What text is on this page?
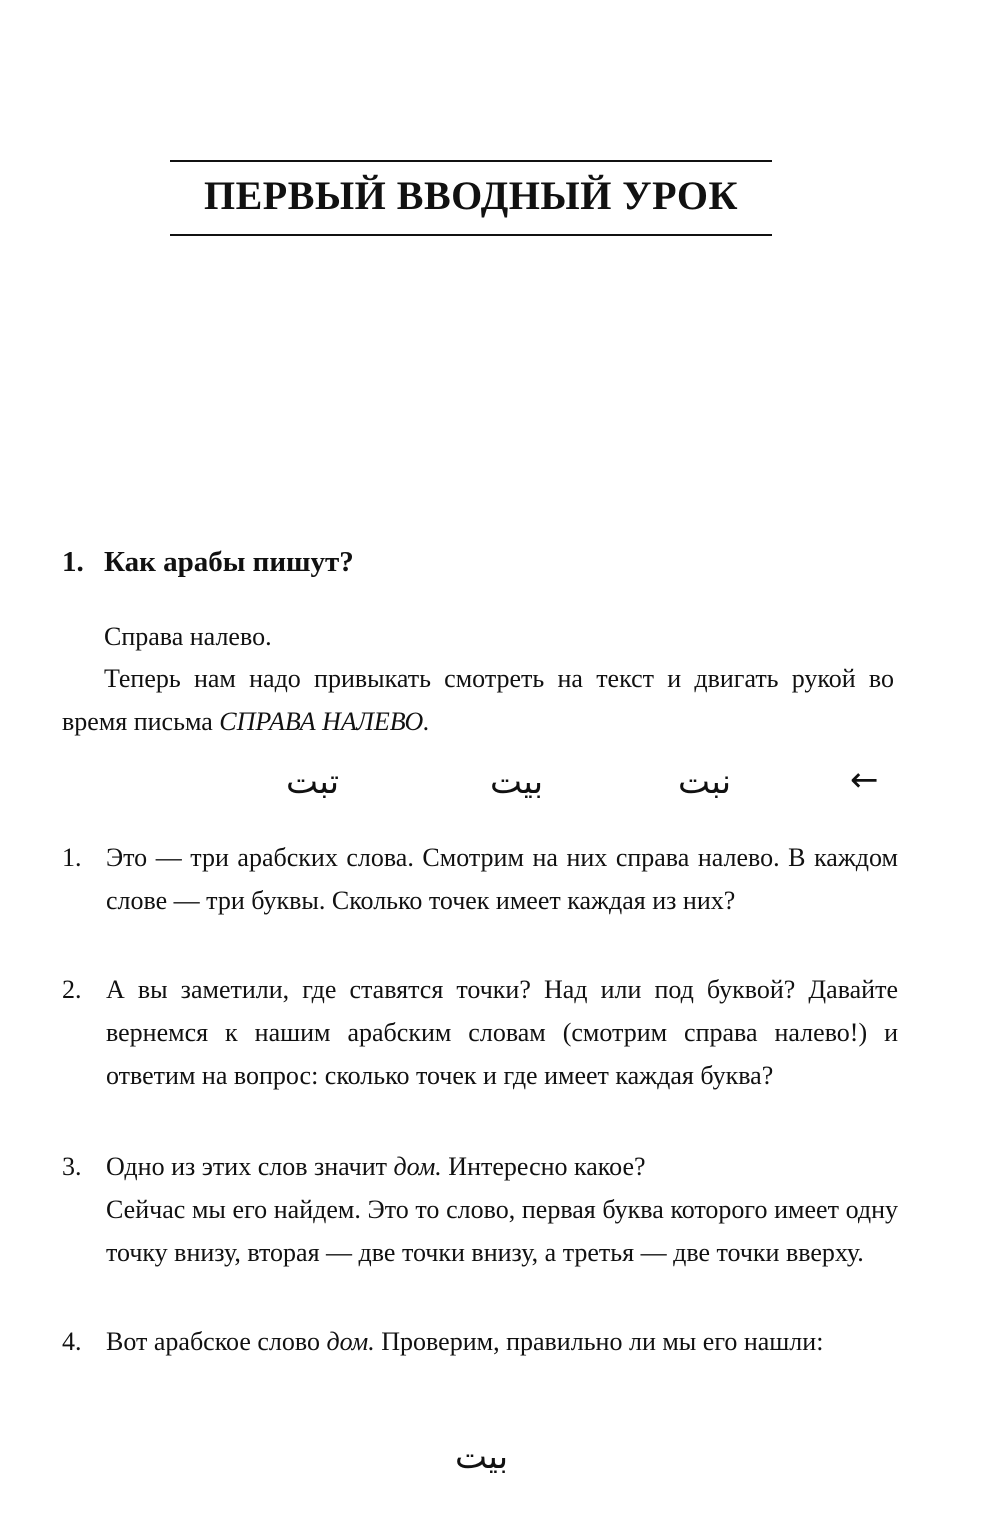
ПЕРВЫЙ ВВОДНЫЙ УРОК
1. Как арабы пишут?
Справа налево.
Теперь нам надо привыкать смотреть на текст и двигать рукой во время письма СПРАВА НАЛЕВО.
تبت	بيت	نبت	←
1. Это — три арабских слова. Смотрим на них справа налево. В каждом слове — три буквы. Сколько точек имеет каждая из них?
2. А вы заметили, где ставятся точки? Над или под буквой? Давайте вернемся к нашим арабским словам (смотрим справа налево!) и ответим на вопрос: сколько точек и где имеет каждая буква?
3. Одно из этих слов значит дом. Интересно какое?
Сейчас мы его найдем. Это то слово, первая буква которого имеет одну точку внизу, вторая — две точки внизу, а третья — две точки вверху.
4. Вот арабское слово дом. Проверим, правильно ли мы его нашли:
بيت
